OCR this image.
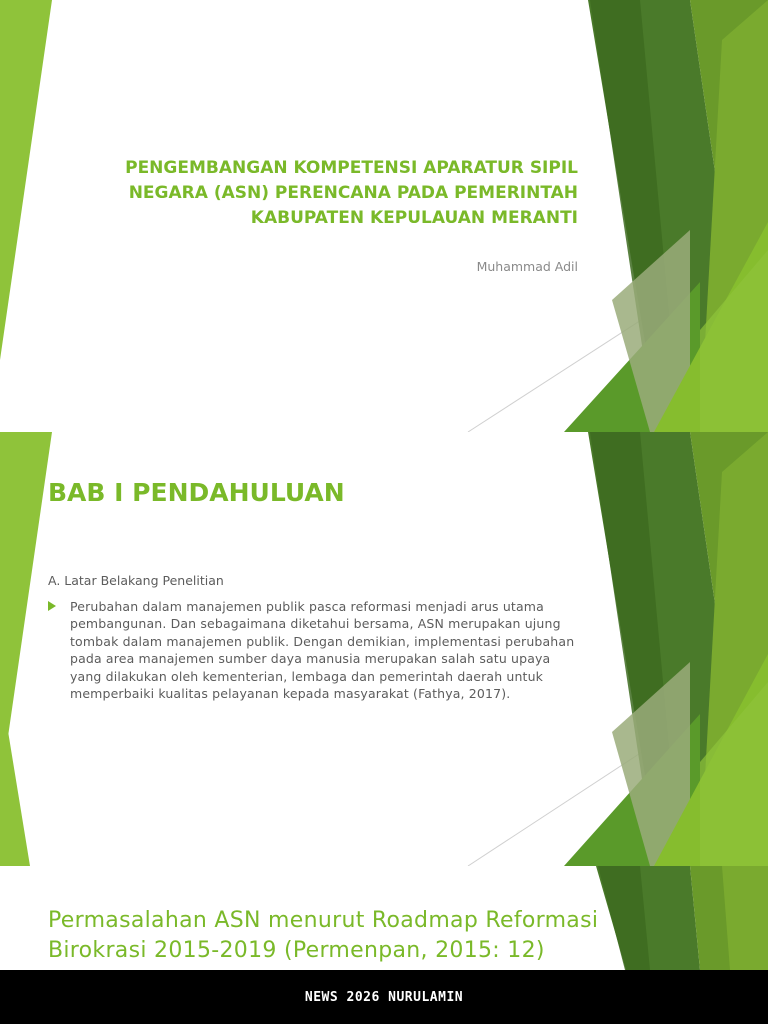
PENGEMBANGAN KOMPETENSI APARATUR SIPIL
NEGARA (ASN) PERENCANA PADA PEMERINTAH
KABUPATEN KEPULAUAN MERANTI
Muhammad Adil
BAB I PENDAHULUAN
A. Latar Belakang Penelitian
Perubahan dalam manajemen publik pasca reformasi menjadi arus utama
pembangunan. Dan sebagaimana diketahui bersama, ASN merupakan ujung
tombak dalam manajemen publik. Dengan demikian, implementasi perubahan
pada area manajemen sumber daya manusia merupakan salah satu upaya
yang dilakukan oleh kementerian, lembaga dan pemerintah daerah untuk
memperbaiki kualitas pelayanan kepada masyarakat (Fathya, 2017).
Permasalahan ASN menurut Roadmap Reformasi
Birokrasi 2015-2019 (Permenpan, 2015: 12)
NEWS 2026 NURULAMIN
